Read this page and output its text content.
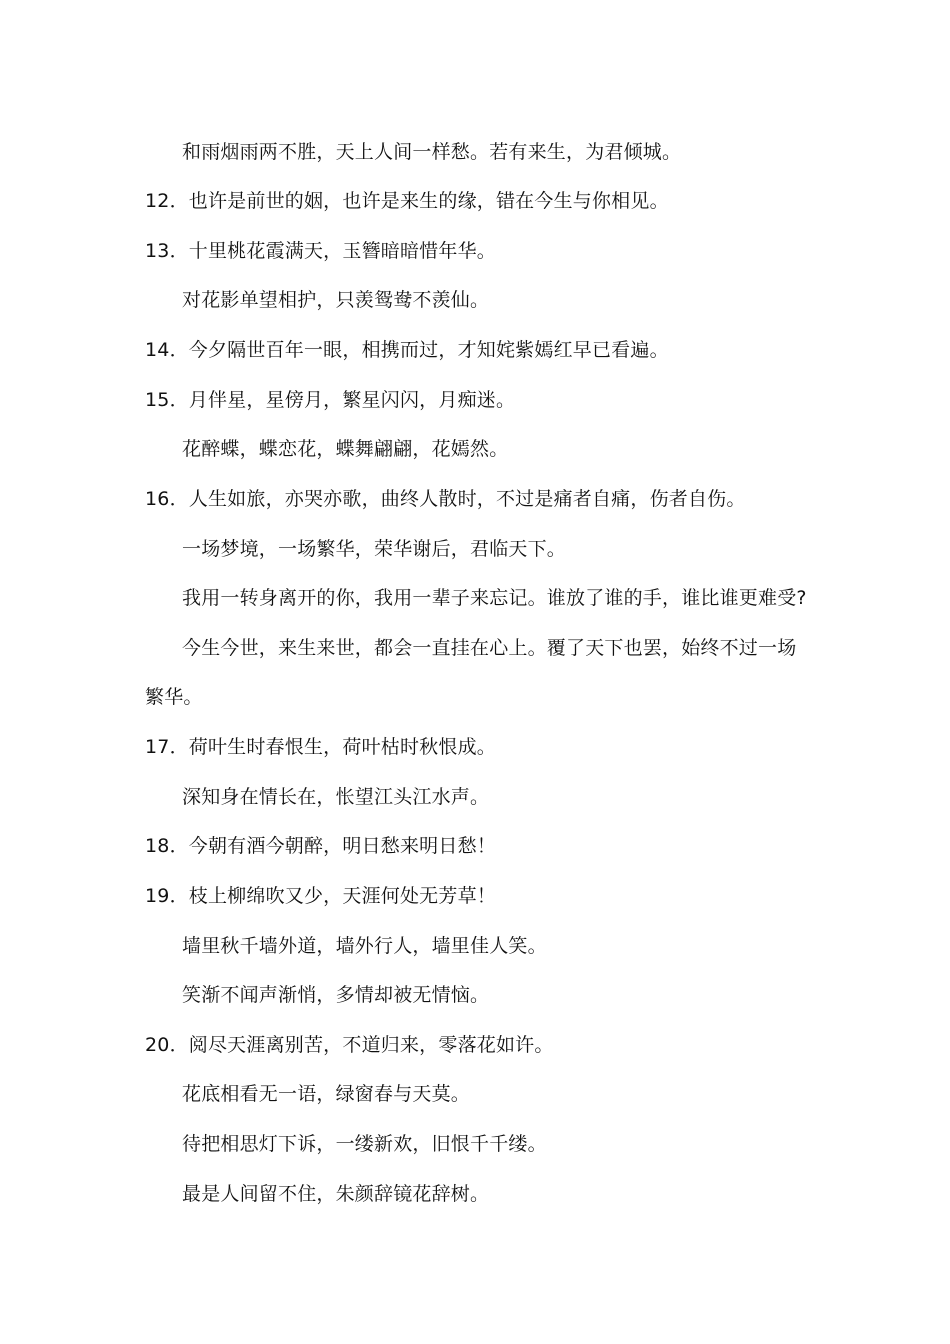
和雨烟雨两不胜，天上人间一样愁。若有来生，为君倾城。
12．也许是前世的姻，也许是来生的缘，错在今生与你相见。
13．十里桃花霞满天，玉簪暗暗惜年华。
对花影单望相护，只羡鸳鸯不羡仙。
14．今夕隔世百年一眼，相携而过，才知姹紫嫣红早已看遍。
15．月伴星，星傍月，繁星闪闪，月痴迷。
花醉蝶，蝶恋花，蝶舞翩翩，花嫣然。
16．人生如旅，亦哭亦歌，曲终人散时，不过是痛者自痛，伤者自伤。
一场梦境，一场繁华，荣华谢后，君临天下。
我用一转身离开的你，我用一辈子来忘记。谁放了谁的手，谁比谁更难受?
今生今世，来生来世，都会一直挂在心上。覆了天下也罢，始终不过一场
繁华。
17．荷叶生时春恨生，荷叶枯时秋恨成。
深知身在情长在，怅望江头江水声。
18．今朝有酒今朝醉，明日愁来明日愁！
19．枝上柳绵吹又少，天涯何处无芳草！
墙里秋千墙外道，墙外行人，墙里佳人笑。
笑渐不闻声渐悄，多情却被无情恼。
20．阅尽天涯离别苦，不道归来，零落花如许。
花底相看无一语，绿窗春与天莫。
待把相思灯下诉，一缕新欢，旧恨千千缕。
最是人间留不住，朱颜辞镜花辞树。
